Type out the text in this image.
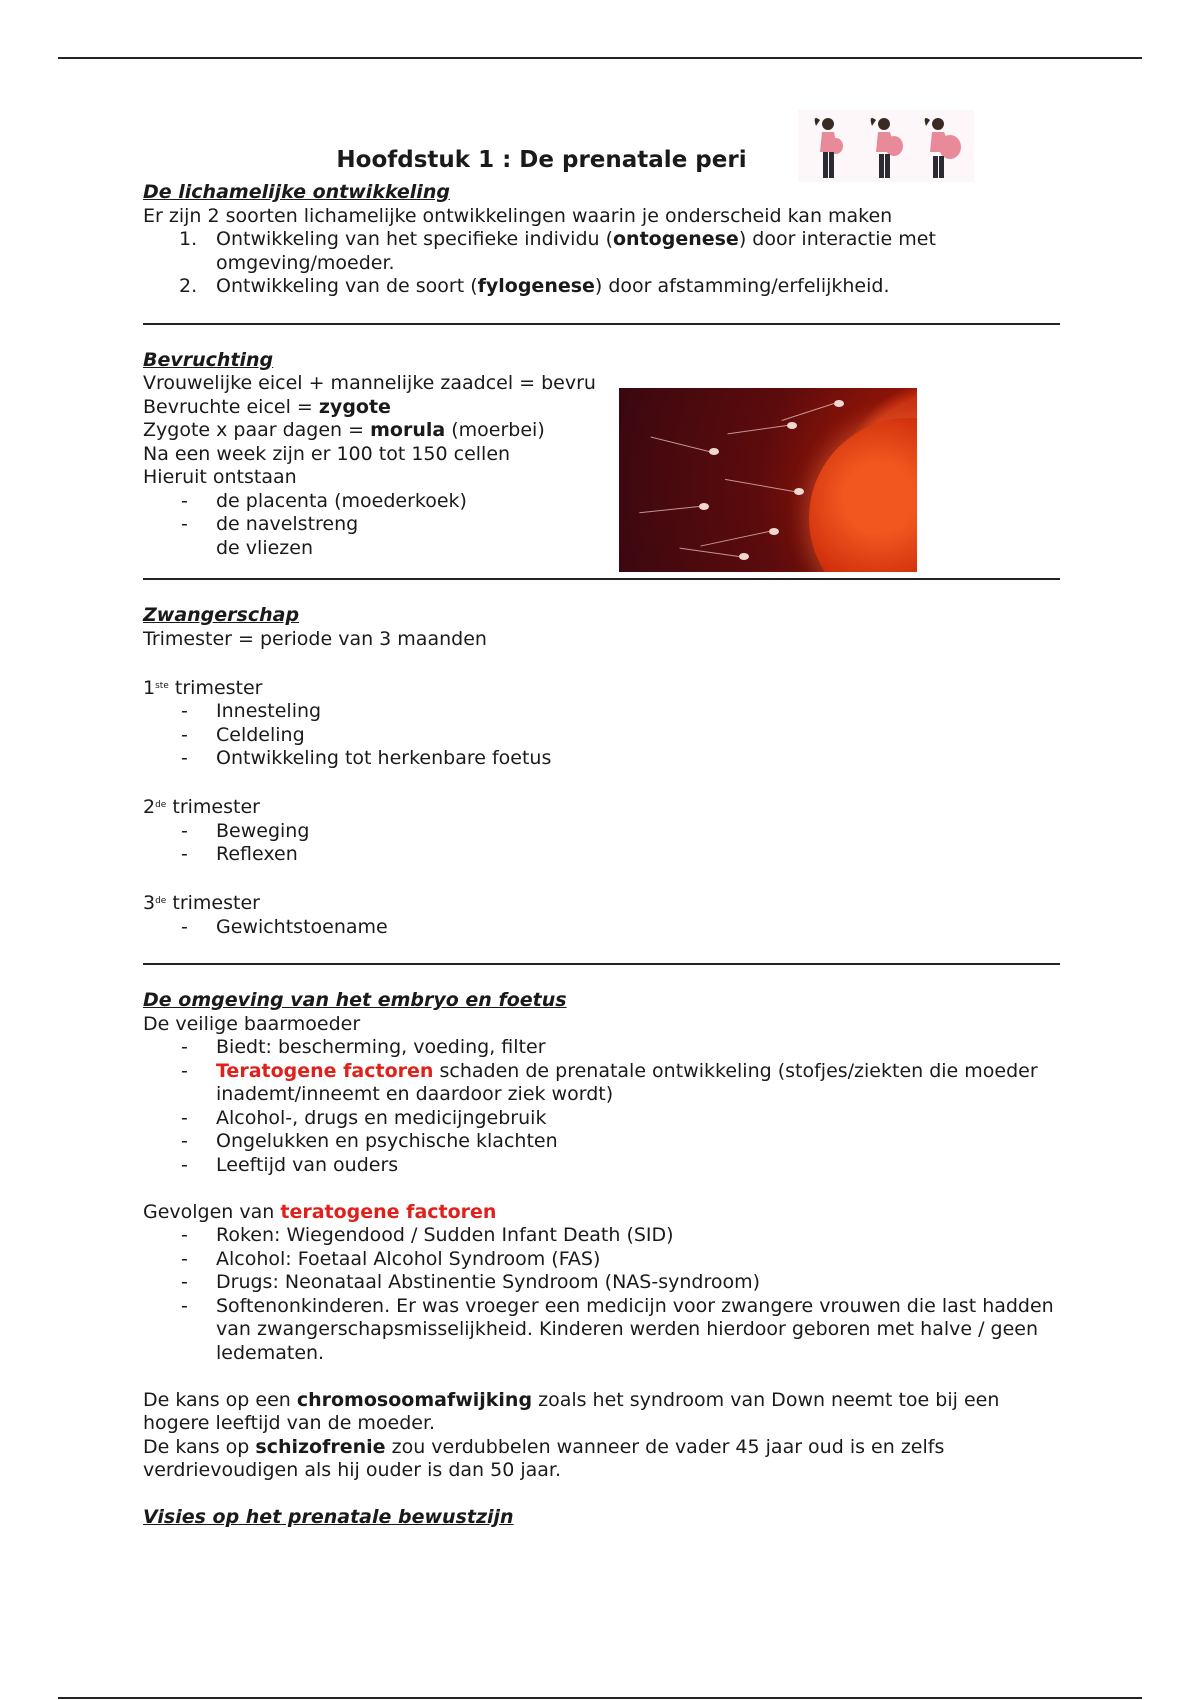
Hoofdstuk 1 : De prenatale peri

De lichamelijke ontwikkeling

Er zijn 2 soorten lichamelijke ontwikkelingen waarin je onderscheid kan maken

1. Ontwikkeling van het specifieke individu (ontogenese) door interactie met omgeving/moeder.
2. Ontwikkeling van de soort (fylogenese) door afstamming/erfelijkheid.

Bevruchting

Vrouwelijke eicel + mannelijke zaadcel = bevru

Bevruchte eicel = zygote

Zygote x paar dagen = morula (moerbei)

Na een week zijn er 100 tot 150 cellen

Hieruit ontstaan

- de placenta (moederkoek)
- de navelstreng
de vliezen

Zwangerschap

Trimester = periode van 3 maanden

1ste trimester

- Innesteling
- Celdeling
- Ontwikkeling tot herkenbare foetus

2de trimester

- Beweging
- Reflexen

3de trimester

- Gewichtstoename

De omgeving van het embryo en foetus

De veilige baarmoeder

- Biedt: bescherming, voeding, filter
- Teratogene factoren schaden de prenatale ontwikkeling (stofjes/ziekten die moeder inademt/inneemt en daardoor ziek wordt)
- Alcohol-, drugs en medicijngebruik
- Ongelukken en psychische klachten
- Leeftijd van ouders

Gevolgen van teratogene factoren

- Roken: Wiegendood / Sudden Infant Death (SID)
- Alcohol: Foetaal Alcohol Syndroom (FAS)
- Drugs: Neonataal Abstinentie Syndroom (NAS-syndroom)
- Softenonkinderen. Er was vroeger een medicijn voor zwangere vrouwen die last hadden van zwangerschapsmisselijkheid. Kinderen werden hierdoor geboren met halve / geen ledematen.

De kans op een chromosoomafwijking zoals het syndroom van Down neemt toe bij een hogere leeftijd van de moeder.

De kans op schizofrenie zou verdubbelen wanneer de vader 45 jaar oud is en zelfs verdrievoudigen als hij ouder is dan 50 jaar.

Visies op het prenatale bewustzijn
